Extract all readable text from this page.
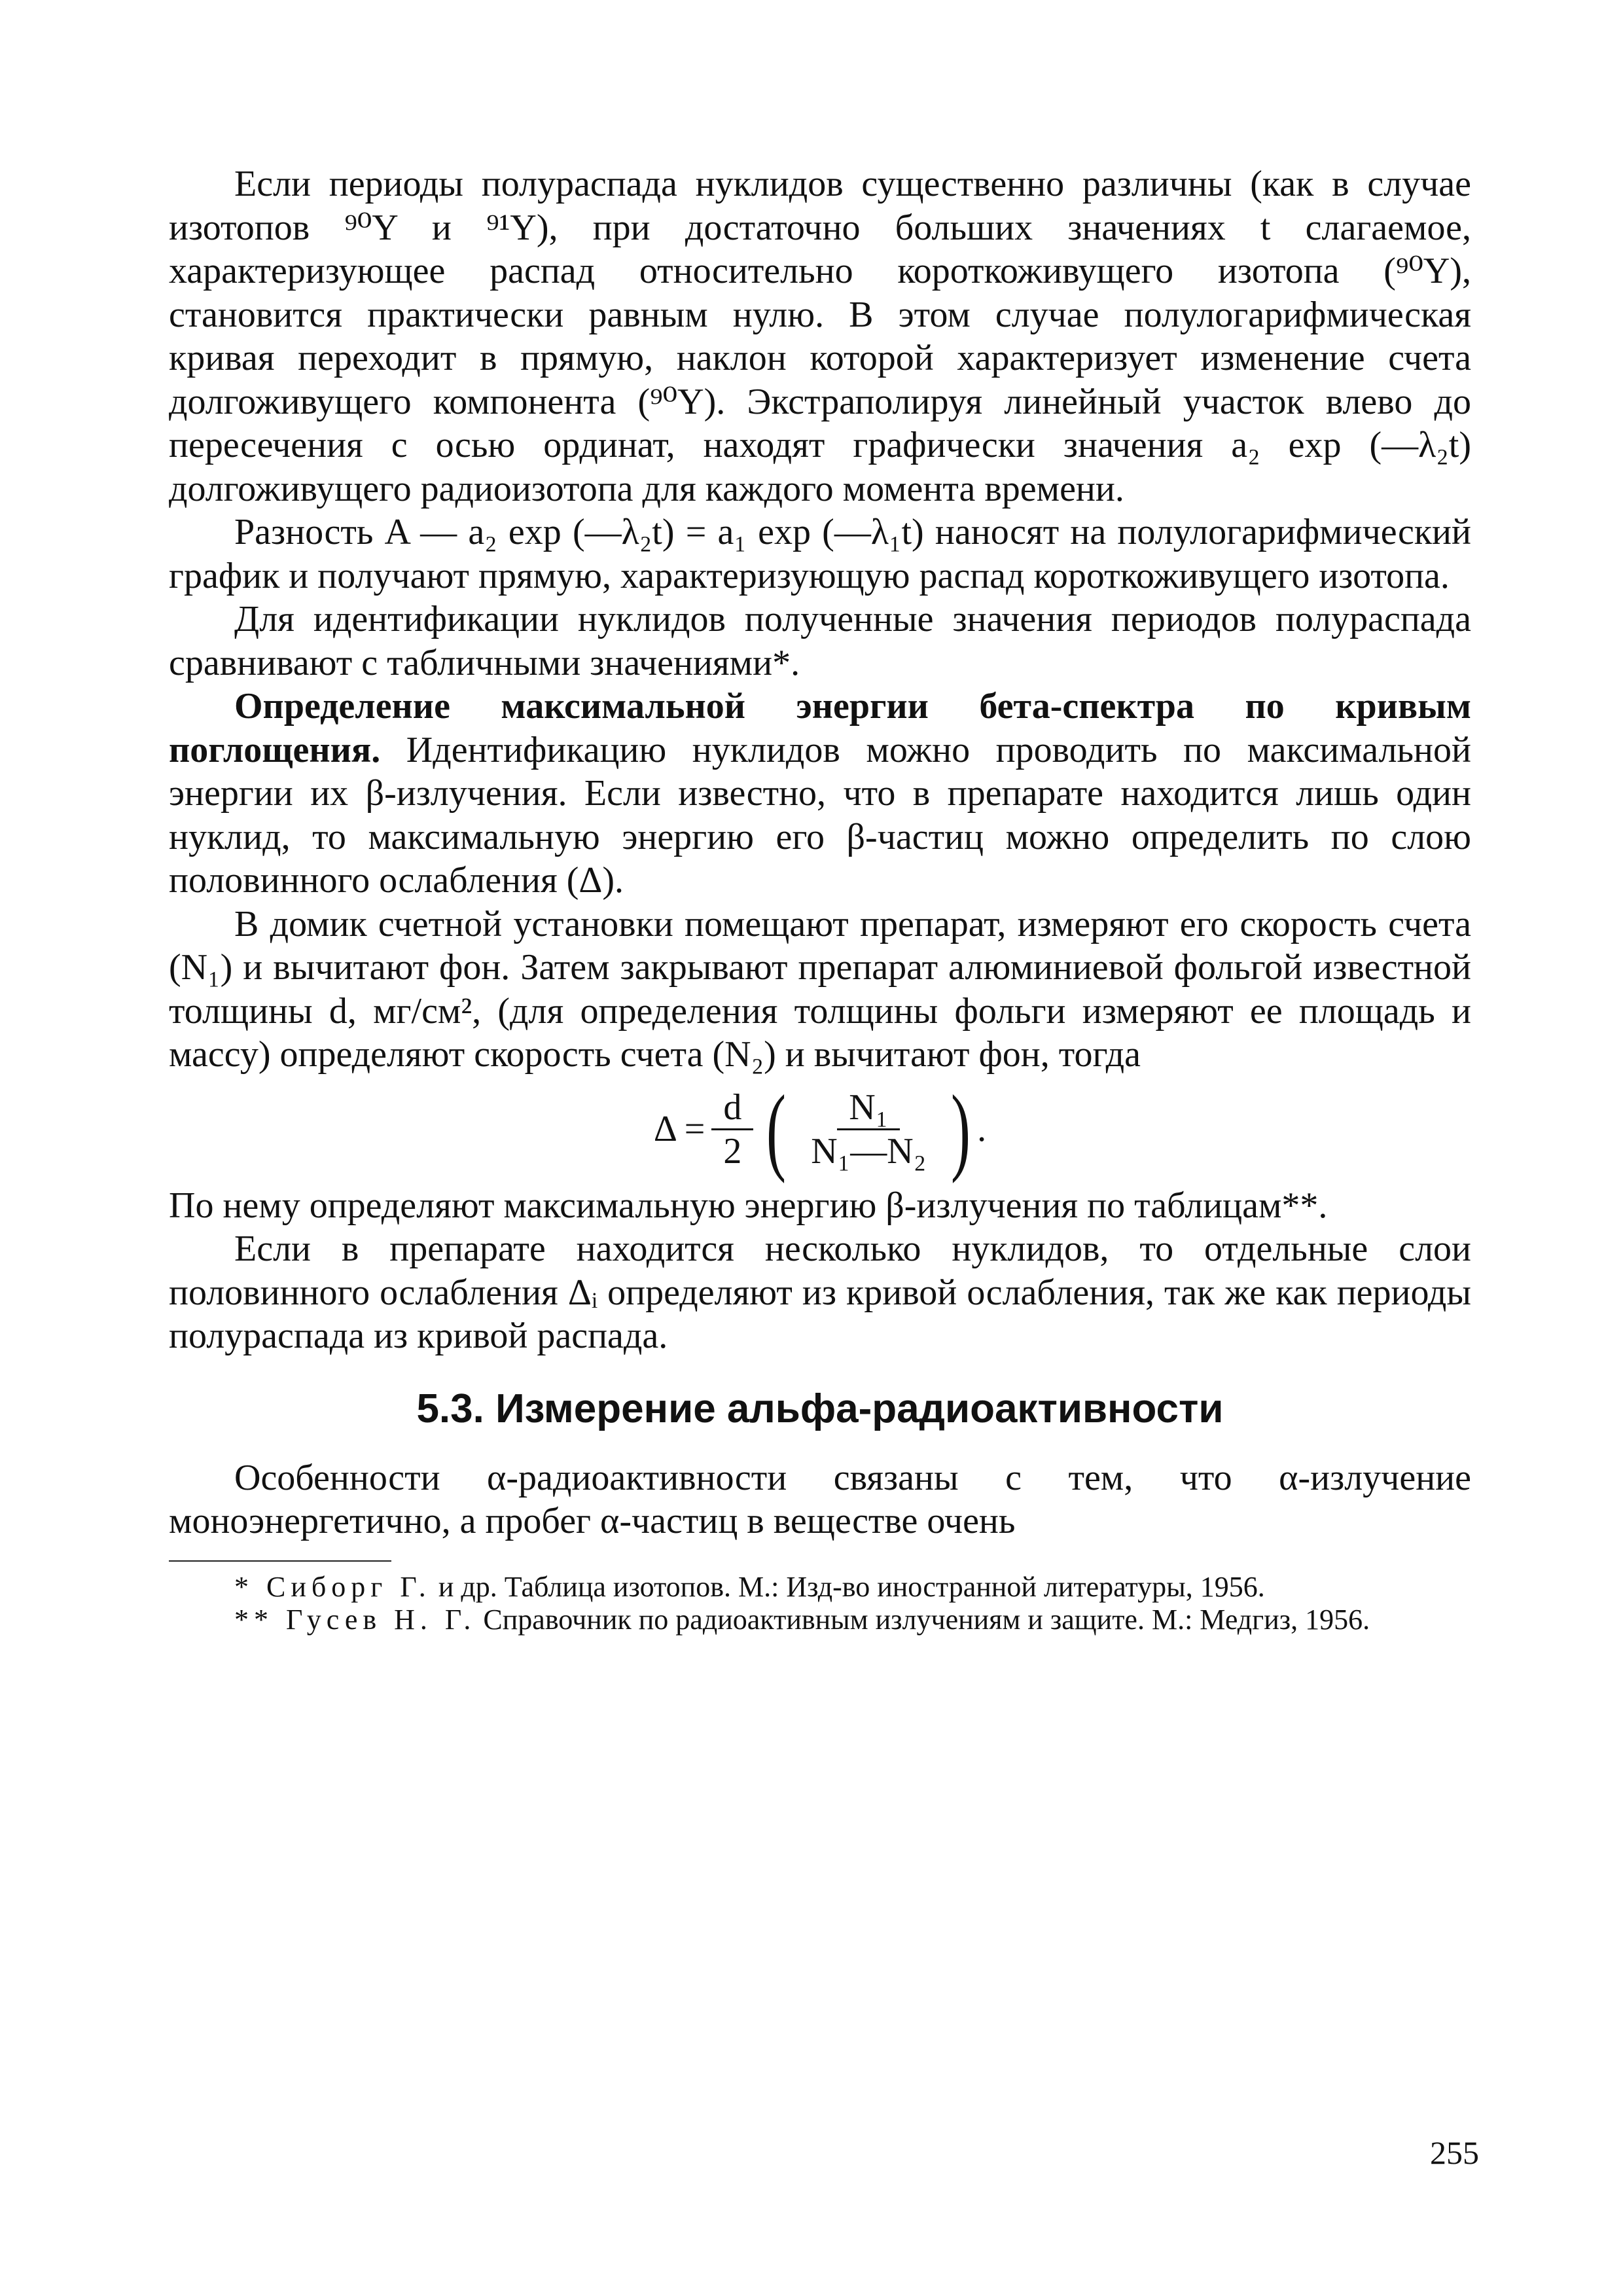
Если периоды полураспада нуклидов существенно различны (как в случае изотопов ⁹⁰Y и ⁹¹Y), при достаточно больших значениях t слагаемое, характеризующее распад относительно короткоживущего изотопа (⁹⁰Y), становится практически равным нулю. В этом случае полулогарифмическая кривая переходит в прямую, наклон которой характеризует изменение счета долгоживущего компонента (⁹⁰Y). Экстраполируя линейный участок влево до пересечения с осью ординат, находят графически значения a₂ exp (—λ₂t) долгоживущего радиоизотопа для каждого момента времени.

Разность A — a₂ exp (—λ₂t) = a₁ exp (—λ₁t) наносят на полулогарифмический график и получают прямую, характеризующую распад короткоживущего изотопа.

Для идентификации нуклидов полученные значения периодов полураспада сравнивают с табличными значениями*.

Определение максимальной энергии бета-спектра по кривым поглощения. Идентификацию нуклидов можно проводить по максимальной энергии их β-излучения. Если известно, что в препарате находится лишь один нуклид, то максимальную энергию его β-частиц можно определить по слою половинного ослабления (Δ).

В домик счетной установки помещают препарат, измеряют его скорость счета (N₁) и вычитают фон. Затем закрывают препарат алюминиевой фольгой известной толщины d, мг/см², (для определения толщины фольги измеряют ее площадь и массу) определяют скорость счета (N₂) и вычитают фон, тогда

$\Delta = \frac{d}{2}$ ( $\frac{\text{N₁}}{\text{N₁—N₂}}$ ) .

По нему определяют максимальную энергию β-излучения по таблицам**.

Если в препарате находится несколько нуклидов, то отдельные слои половинного ослабления Δᵢ определяют из кривой ослабления, так же как периоды полураспада из кривой распада.

5.3. Измерение альфа-радиоактивности

Особенности α-радиоактивности связаны с тем, что α-излучение моноэнергетично, а пробег α-частиц в веществе очень

* Сиборг Г. и др. Таблица изотопов. М.: Изд-во иностранной литературы, 1956.

** Гусев Н. Г. Справочник по радиоактивным излучениям и защите. М.: Медгиз, 1956.

255
